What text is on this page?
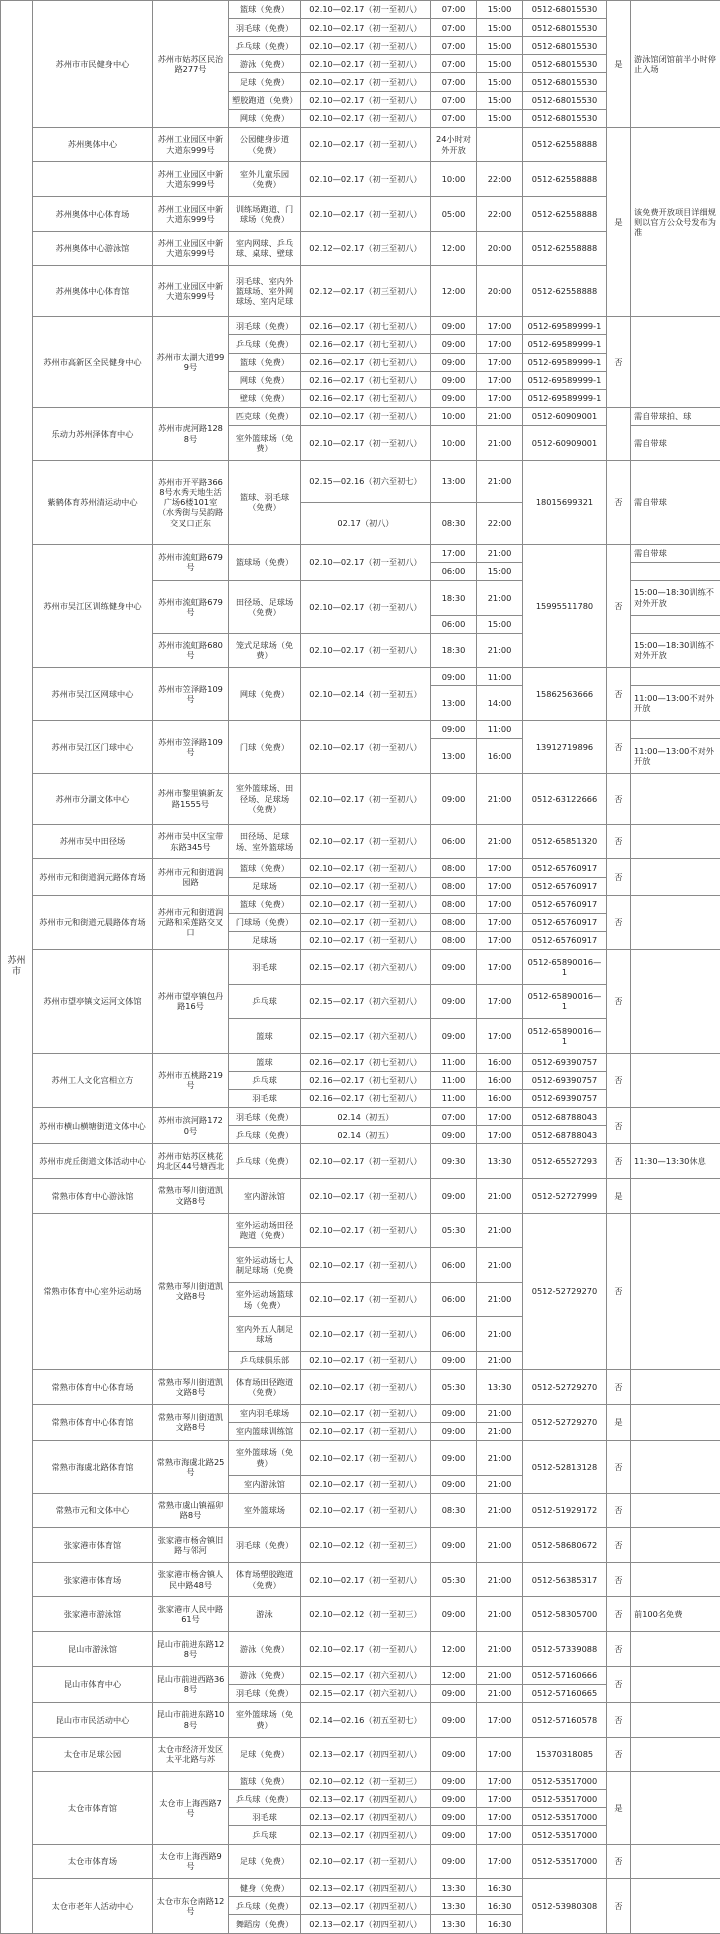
苏州市	苏州市市民健身中心	苏州市姑苏区民治路277号	篮球（免费）	02.10—02.17（初一至初八）	07:00	15:00	0512-68015530	是	游泳馆闭馆前半小时停止入场
			羽毛球（免费）	02.10—02.17（初一至初八）	07:00	15:00	0512-68015530		
			乒乓球（免费）	02.10—02.17（初一至初八）	07:00	15:00	0512-68015530		
			游泳（免费）	02.10—02.17（初一至初八）	07:00	15:00	0512-68015530		
			足球（免费）	02.10—02.17（初一至初八）	07:00	15:00	0512-68015530		
			塑胶跑道（免费）	02.10—02.17（初一至初八）	07:00	15:00	0512-68015530		
			网球（免费）	02.10—02.17（初一至初八）	07:00	15:00	0512-68015530		
	苏州奥体中心	苏州工业园区中新大道东999号	公园健身步道（免费）	02.10—02.17（初一至初八）	24小时对外开放		0512-62558888	是	该免费开放项目详细规则以官方公众号发布为准
		苏州工业园区中新大道东999号	室外儿童乐园（免费）	02.10—02.17（初一至初八）	10:00	22:00	0512-62558888		
	苏州奥体中心体育场	苏州工业园区中新大道东999号	训练场跑道、门球场（免费）	02.10—02.17（初一至初八）	05:00	22:00	0512-62558888		
	苏州奥体中心游泳馆	苏州工业园区中新大道东999号	室内网球、乒乓球、桌球、壁球	02.12—02.17（初三至初八）	12:00	20:00	0512-62558888		
	苏州奥体中心体育馆	苏州工业园区中新大道东999号	羽毛球、室内外篮球场、室外网球场、室内足球	02.12—02.17（初三至初八）	12:00	20:00	0512-62558888		
	苏州市高新区全民健身中心	苏州市太湖大道999号	羽毛球（免费）	02.16—02.17（初七至初八）	09:00	17:00	0512-69589999-1	否	
			乒乓球（免费）	02.16—02.17（初七至初八）	09:00	17:00	0512-69589999-1		
			篮球（免费）	02.16—02.17（初七至初八）	09:00	17:00	0512-69589999-1		
			网球（免费）	02.16—02.17（初七至初八）	09:00	17:00	0512-69589999-1		
			壁球（免费）	02.16—02.17（初七至初八）	09:00	17:00	0512-69589999-1		
	乐动力苏州泽体育中心	苏州市虎河路1288号	匹克球（免费）	02.10—02.17（初一至初八）	10:00	21:00	0512-60909001		需自带球拍、球
			室外篮球场（免费）	02.10—02.17（初一至初八）	10:00	21:00	0512-60909001		需自带球
	紫鹤体育苏州清运动中心	苏州市开平路3668号水秀天地生活广场6楼101室（水秀街与吴韵路交叉口正东	篮球、羽毛球（免费）	02.15—02.16（初六至初七）	13:00	21:00	18015699321	否	需自带球
				02.17（初八）	08:30	22:00			
	苏州市吴江区训练健身中心	苏州市流虹路679号	篮球场（免费）	02.10—02.17（初一至初八）	17:00	21:00	15995511780	否	需自带球
					06:00	15:00			
		苏州市流虹路679号	田径场、足球场（免费）	02.10—02.17（初一至初八）	18:30	21:00			15:00—18:30训练不对外开放
					06:00	15:00			
		苏州市流虹路680号	笼式足球场（免费）	02.10—02.17（初一至初八）	18:30	21:00			15:00—18:30训练不对外开放
	苏州市吴江区网球中心	苏州市笠泽路109号	网球（免费）	02.10—02.14（初一至初五）	09:00	11:00	15862563666	否	
					13:00	14:00			11:00—13:00不对外开放
	苏州市吴江区门球中心	苏州市笠泽路109号	门球（免费）	02.10—02.17（初一至初八）	09:00	11:00	13912719896	否	
					13:00	16:00			11:00—13:00不对外开放
	苏州市分湖文体中心	苏州市黎里镇新友路1555号	室外篮球场、田径场、足球场（免费）	02.10—02.17（初一至初八）	09:00	21:00	0512-63122666	否	
	苏州市吴中田径场	苏州市吴中区宝带东路345号	田径场、足球场、室外篮球场	02.10—02.17（初一至初八）	06:00	21:00	0512-65851320	否	
	苏州市元和街道润元路体育场	苏州市元和街道润园路	篮球（免费）	02.10—02.17（初一至初八）	08:00	17:00	0512-65760917	否	
			足球场	02.10—02.17（初一至初八）	08:00	17:00	0512-65760917		
	苏州市元和街道元晨路体育场	苏州市元和街道润元路和采莲路交叉口	篮球（免费）	02.10—02.17（初一至初八）	08:00	17:00	0512-65760917	否	
			门球场（免费）	02.10—02.17（初一至初八）	08:00	17:00	0512-65760917		
			足球场	02.10—02.17（初一至初八）	08:00	17:00	0512-65760917		
	苏州市望亭镇文运河文体馆	苏州市望亭镇包丹路16号	羽毛球	02.15—02.17（初六至初八）	09:00	17:00	0512-65890016—1	否	
			乒乓球	02.15—02.17（初六至初八）	09:00	17:00	0512-65890016—1		
			篮球	02.15—02.17（初六至初八）	09:00	17:00	0512-65890016—1		
	苏州工人文化宫相立方	苏州市五桃路219号	篮球	02.16—02.17（初七至初八）	11:00	16:00	0512-69390757	否	
			乒乓球	02.16—02.17（初七至初八）	11:00	16:00	0512-69390757		
			羽毛球	02.16—02.17（初七至初八）	11:00	16:00	0512-69390757		
	苏州市横山横塘街道文体中心	苏州市滨河路1720号	羽毛球（免费）	02.14（初五）	07:00	17:00	0512-68788043	否	
			乒乓球（免费）	02.14（初五）	09:00	17:00	0512-68788043		
	苏州市虎丘街道文体活动中心	苏州市姑苏区桃花坞北区44号塘西北	乒乓球（免费）	02.10—02.17（初一至初八）	09:30	13:30	0512-65527293	否	11:30—13:30休息
	常熟市体育中心游泳馆	常熟市琴川街道凯文路8号	室内游泳馆	02.10—02.17（初一至初八）	09:00	21:00	0512-52727999	是	
	常熟市体育中心室外运动场	常熟市琴川街道凯文路8号	室外运动场田径跑道（免费）	02.10—02.17（初一至初八）	05:30	21:00	0512-52729270	否	
			室外运动场七人制足球场（免费	02.10—02.17（初一至初八）	06:00	21:00			
			室外运动场篮球场（免费）	02.10—02.17（初一至初八）	06:00	21:00			
			室内外五人制足球场	02.10—02.17（初一至初八）	06:00	21:00			
			乒乓球俱乐部	02.10—02.17（初一至初八）	09:00	21:00			
	常熟市体育中心体育场	常熟市琴川街道凯文路8号	体育场田径跑道（免费）	02.10—02.17（初一至初八）	05:30	13:30	0512-52729270	否	
	常熟市体育中心体育馆	常熟市琴川街道凯文路8号	室内羽毛球场	02.10—02.17（初一至初八）	09:00	21:00	0512-52729270	是	
			室内篮球训练馆	02.10—02.17（初一至初八）	09:00	21:00			
	常熟市海虞北路体育馆	常熟市海虞北路25号	室外篮球场（免费）	02.10—02.17（初一至初八）	09:00	21:00	0512-52813128	否	
			室内游泳馆	02.10—02.17（初一至初八）	09:00	21:00			
	常熟市元和文体中心	常熟市虞山镇福卯路8号	室外篮球场	02.10—02.17（初一至初八）	08:30	21:00	0512-51929172	否	
	张家港市体育馆	张家港市杨舍镇旧路与邻河	羽毛球（免费）	02.10—02.12（初一至初三）	09:00	21:00	0512-58680672	否	
	张家港市体育场	张家港市杨舍镇人民中路48号	体育场塑胶跑道（免费）	02.10—02.17（初一至初八）	05:30	21:00	0512-56385317	否	
	张家港市游泳馆	张家港市人民中路61号	游泳	02.10—02.12（初一至初三）	09:00	21:00	0512-58305700	否	前100名免费
	昆山市游泳馆	昆山市前进东路128号	游泳（免费）	02.10—02.17（初一至初八）	12:00	21:00	0512-57339088	否	
	昆山市体育中心	昆山市前进西路368号	游泳（免费）	02.15—02.17（初六至初八）	12:00	21:00	0512-57160666	否	
			羽毛球（免费）	02.15—02.17（初六至初八）	09:00	21:00	0512-57160665		
	昆山市市民活动中心	昆山市前进东路108号	室外篮球场（免费）	02.14—02.16（初五至初七）	09:00	17:00	0512-57160578	否	
	太仓市足球公园	太仓市经济开发区太平北路与苏	足球（免费）	02.13—02.17（初四至初八）	09:00	17:00	15370318085	否	
	太仓市体育馆	太仓市上海西路7号	篮球（免费）	02.10—02.12（初一至初三）	09:00	17:00	0512-53517000	是	
			乒乓球（免费）	02.13—02.17（初四至初八）	09:00	17:00	0512-53517000		
			羽毛球	02.13—02.17（初四至初八）	09:00	17:00	0512-53517000		
			乒乓球	02.13—02.17（初四至初八）	09:00	17:00	0512-53517000		
	太仓市体育场	太仓市上海西路9号	足球（免费）	02.10—02.17（初一至初八）	09:00	17:00	0512-53517000	否	
	太仓市老年人活动中心	太仓市东仓南路12号	健身（免费）	02.13—02.17（初四至初八）	13:30	16:30	0512-53980308	否	
			乒乓球（免费）	02.13—02.17（初四至初八）	13:30	16:30			
			舞蹈房（免费）	02.13—02.17（初四至初八）	13:30	16:30			
